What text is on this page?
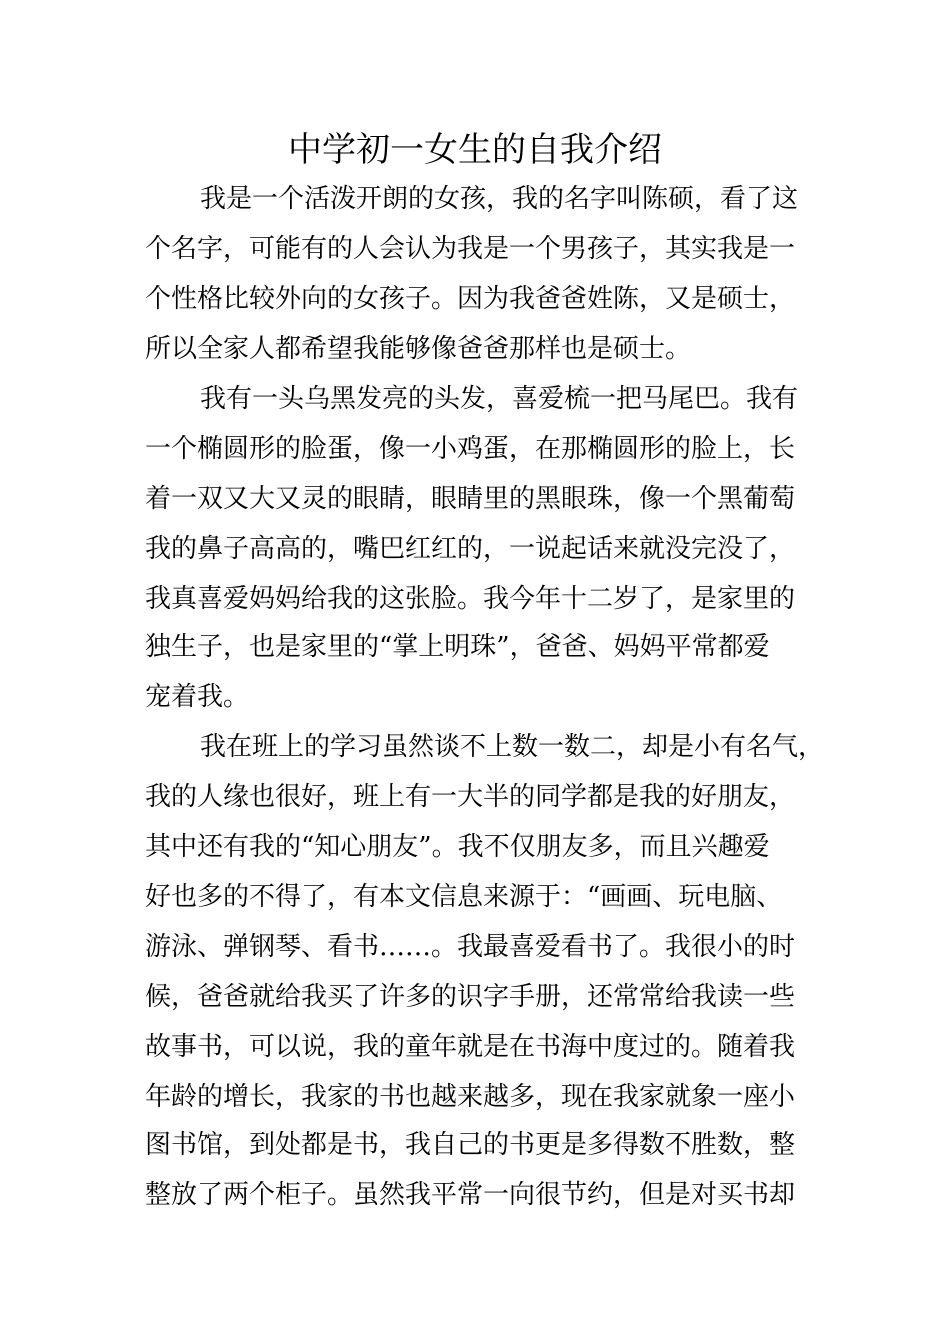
中学初一女生的自我介绍

我是一个活泼开朗的女孩，我的名字叫陈硕，看了这

个名字，可能有的人会认为我是一个男孩子，其实我是一

个性格比较外向的女孩子。因为我爸爸姓陈，又是硕士，

所以全家人都希望我能够像爸爸那样也是硕士。

我有一头乌黑发亮的头发，喜爱梳一把马尾巴。我有

一个椭圆形的脸蛋，像一小鸡蛋，在那椭圆形的脸上，长

着一双又大又灵的眼睛，眼睛里的黑眼珠，像一个黑葡萄

我的鼻子高高的，嘴巴红红的，一说起话来就没完没了，

我真喜爱妈妈给我的这张脸。我今年十二岁了，是家里的

独生子，也是家里的“掌上明珠”，爸爸、妈妈平常都爱

宠着我。

我在班上的学习虽然谈不上数一数二，却是小有名气，

我的人缘也很好，班上有一大半的同学都是我的好朋友，

其中还有我的“知心朋友”。我不仅朋友多，而且兴趣爱

好也多的不得了，有本文信息来源于：“画画、玩电脑、

游泳、弹钢琴、看书……。我最喜爱看书了。我很小的时

候，爸爸就给我买了许多的识字手册，还常常给我读一些

故事书，可以说，我的童年就是在书海中度过的。随着我

年龄的增长，我家的书也越来越多，现在我家就象一座小

图书馆，到处都是书，我自己的书更是多得数不胜数，整

整放了两个柜子。虽然我平常一向很节约，但是对买书却
